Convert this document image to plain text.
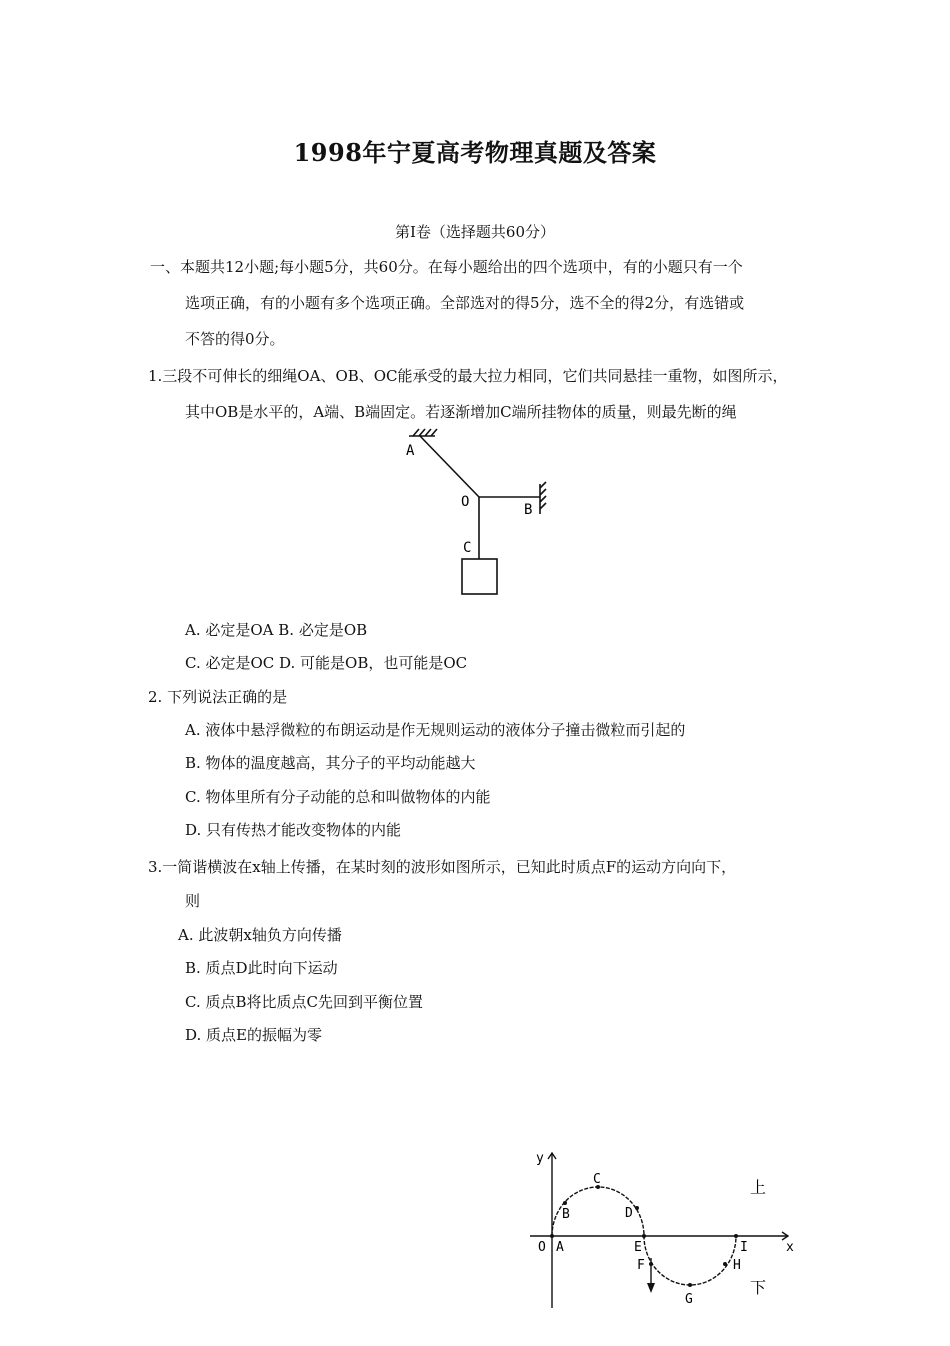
1998年宁夏高考物理真题及答案
第Ⅰ卷（选择题共60分）
一、本题共12小题;每小题5分，共60分。在每小题给出的四个选项中，有的小题只有一个
选项正确，有的小题有多个选项正确。全部选对的得5分，选不全的得2分，有选错或
不答的得0分。
1.三段不可伸长的细绳OA、OB、OC能承受的最大拉力相同，它们共同悬挂一重物，如图所示，
其中OB是水平的，A端、B端固定。若逐渐增加C端所挂物体的质量，则最先断的绳
A
O	B
C
A. 必定是OA B. 必定是OB
C. 必定是OC D. 可能是OB，也可能是OC
2. 下列说法正确的是
A. 液体中悬浮微粒的布朗运动是作无规则运动的液体分子撞击微粒而引起的
B. 物体的温度越高，其分子的平均动能越大
C. 物体里所有分子动能的总和叫做物体的内能
D. 只有传热才能改变物体的内能
3.一简谐横波在x轴上传播，在某时刻的波形如图所示，已知此时质点F的运动方向向下，
则
A. 此波朝x轴负方向传播
B. 质点D此时向下运动
C. 质点B将比质点C先回到平衡位置
D. 质点E的振幅为零
y
x
O A
B
C
D
E
F
G
H
I
上
下
